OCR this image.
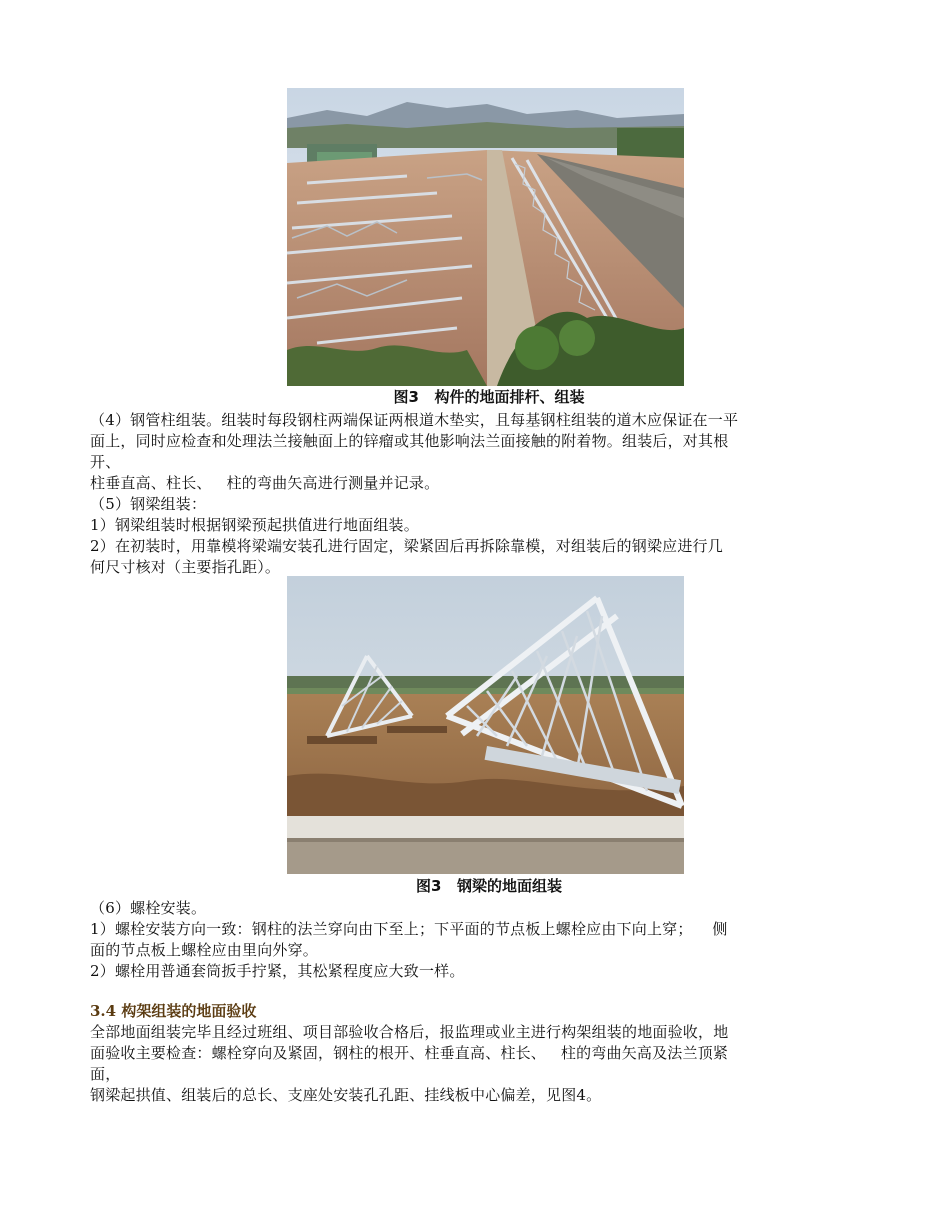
图3   构件的地面排杆、组装
（4）钢管柱组装。组装时每段钢柱两端保证两根道木垫实，且每基钢柱组装的道木应保证在一平
面上，同时应检查和处理法兰接触面上的锌瘤或其他影响法兰面接触的附着物。组装后，对其根
开、
柱垂直高、柱长、   柱的弯曲矢高进行测量并记录。
（5）钢梁组装：
1）钢梁组装时根据钢梁预起拱值进行地面组装。
2）在初装时，用靠模将梁端安装孔进行固定，梁紧固后再拆除靠模，对组装后的钢梁应进行几
何尺寸核对（主要指孔距）。
图3   钢梁的地面组装
（6）螺栓安装。
1）螺栓安装方向一致：钢柱的法兰穿向由下至上；下平面的节点板上螺栓应由下向上穿；    侧
面的节点板上螺栓应由里向外穿。
2）螺栓用普通套筒扳手拧紧，其松紧程度应大致一样。
3.4 构架组装的地面验收
全部地面组装完毕且经过班组、项目部验收合格后，报监理或业主进行构架组装的地面验收，地
面验收主要检查：螺栓穿向及紧固，钢柱的根开、柱垂直高、柱长、   柱的弯曲矢高及法兰顶紧
面，
钢梁起拱值、组装后的总长、支座处安装孔孔距、挂线板中心偏差，见图4。
